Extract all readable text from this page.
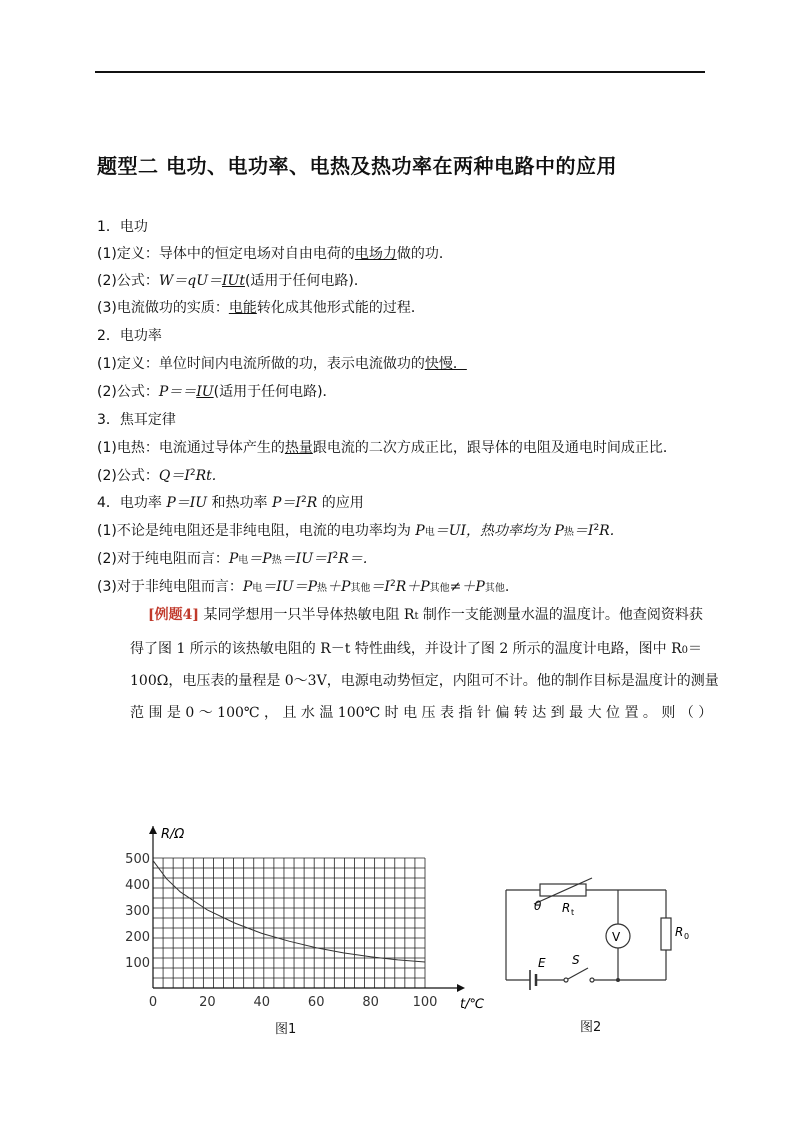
题型二 电功、电功率、电热及热功率在两种电路中的应用
1．电功
(1)定义：导体中的恒定电场对自由电荷的电场力做的功．
(2)公式：W＝qU＝IUt(适用于任何电路)．
(3)电流做功的实质：电能转化成其他形式能的过程．
2．电功率
(1)定义：单位时间内电流所做的功，表示电流做功的快慢．
(2)公式：P＝＝IU(适用于任何电路)．
3．焦耳定律
(1)电热：电流通过导体产生的热量跟电流的二次方成正比，跟导体的电阻及通电时间成正比．
(2)公式：$Q=I^2Rt$.
4．电功率 P＝IU 和热功率 $P=I^2R$ 的应用
(1)不论是纯电阻还是非纯电阻，电流的电功率均为 P电＝UI，热功率均为 P热$=I^2R$.
(2)对于纯电阻而言：P电＝P热$=IU=I^2R=$.
(3)对于非纯电阻而言：P电＝IU＝P热＋P其他$=I^2R+P$其他≠＋P其他.
[例题4] 某同学想用一只半导体热敏电阻 Rt 制作一支能测量水温的温度计。他查阅资料获
得了图 1 所示的该热敏电阻的 R－t 特性曲线，并设计了图 2 所示的温度计电路，图中 R0＝
100Ω，电压表的量程是 0～3V，电源电动势恒定，内阻可不计。他的制作目标是温度计的测量
范 围 是 0 ～ 100℃ ， 且 水 温 100℃ 时 电 压 表 指 针 偏 转 达 到 最 大 位 置 。 则 （ ）
0	20	40	60	80	100
100
200
300
400
500
R/Ω
t/℃
图1
θ R t
V	R 0
E S
图2
